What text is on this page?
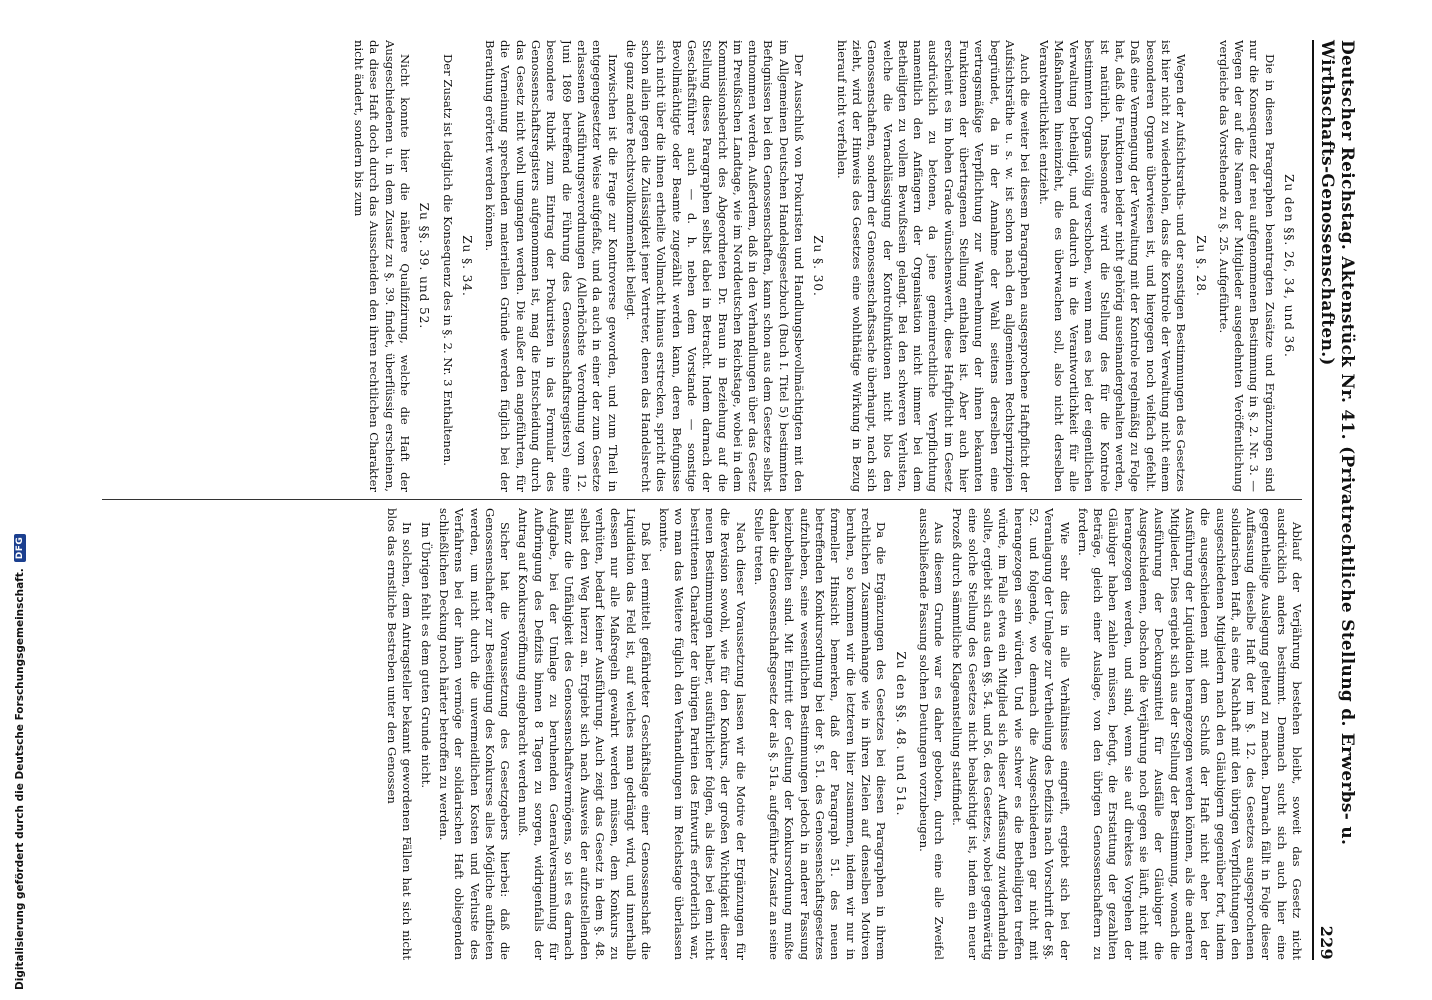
Deutscher Reichstag. Aktenstück Nr. 41. (Privatrechtliche Stellung d. Erwerbs- u. Wirthschafts-Genossenschaften.)
229
Zu den §§. 26, 34, und 36.

Die in diesen Paragraphen beantragten Zusätze und Ergänzungen sind nur die Konsequenz der neu aufgenommenen Bestimmung in §. 2. Nr. 3. — Wegen der auf die Namen der Mitglieder ausgedehnten Veröffentlichung vergleiche das Vorstehende zu §. 25. Aufgeführte.

Zu §. 28.

Wegen der Aufsichtsraths- und der sonstigen Bestimmungen des Gesetzes ist hier nicht zu wiederholen, dass die Kontrole der Verwaltung nicht einem besonderen Organe überwiesen ist, und hiergegen noch vielfach gefehlt. Daß eine Vermengung der Verwaltung mit der Kontrole regelmäßig zu Folge hat, daß die Funktionen beider nicht gehörig auseinandergehalten werden, ist natürlich. Insbesondere wird die Stellung des für die Kontrole bestimmten Organs völlig verschoben, wenn man es bei der eigentlichen Verwaltung betheiligt, und dadurch in die Verantwortlichkeit für alle Maßnahmen hineinzieht, die es überwachen soll, also nicht derselben Verantwortlichkeit entzieht.

Auch die weiter bei diesem Paragraphen ausgesprochene Haftpflicht der Aufsichtsräthe u. s. w. ist schon nach den allgemeinen Rechtsprinzipien begründet, da in der Annahme der Wahl seitens derselben eine vertragsmäßige Verpflichtung zur Wahrnehmung der ihnen bekannten Funktionen der übertragenen Stellung enthalten ist. Aber auch hier erscheint es im hohen Grade wünschenswerth, diese Haftpflicht im Gesetz ausdrücklich zu betonen, da jene gemeinrechtliche Verpflichtung namentlich den Anfängern der Organisation nicht immer bei dem Betheiligten zu vollem Bewußtsein gelangt. Bei den schweren Verlusten, welche die Vernachlässigung der Kontrolfunktionen nicht blos den Genossenschaften, sondern der Genossenschaftssache überhaupt, nach sich zieht, wird der Hinweis des Gesetzes eine wohlthätige Wirkung in Bezug hierauf nicht verfehlen.

Zu §. 30.

Der Ausschluß von Prokuristen und Handlungsbevollmächtigten mit den im Allgemeinen Deutschen Handelsgesetzbuch (Buch I. Titel 5) bestimmten Befugnissen bei den Genossenschaften, kann schon aus dem Gesetze selbst entnommen werden. Außerdem, daß in den Verhandlungen über das Gesetz im Preußischen Landtage, wie im Norddeutschen Reichstage, wobei in dem Kommissionsbericht des Abgeordneten Dr. Braun in Beziehung auf die Stellung dieses Paragraphen selbst dabei in Betracht. Indem darnach der Geschäftsführer auch — d. h. neben dem Vorstande — sonstige Bevollmächtigte oder Beamte zugezählt werden kann, deren Befugnisse sich nicht über die ihnen ertheilte Vollmacht hinaus erstrecken, spricht dies schon allein gegen die Zulässigkeit jener Vertreter, denen das Handelsrecht die ganz andere Rechtsvollkommenheit beilegt.

Inzwischen ist die Frage zur Kontroverse geworden, und zum Theil in entgegengesetzter Weise aufgefaßt, und da auch in einer der zum Gesetze erlassenen Ausführungsverordnungen (Allerhöchste Verordnung vom 12. Juni 1869 betreffend die Führung des Genossenschaftsregisters) eine besondere Rubrik zum Eintrag der Prokuristen in das Formular des Genossenschaftsregisters aufgenommen ist, mag die Entscheidung durch das Gesetz nicht wohl umgangen werden. Die außer den angeführten, für die Verneinung sprechenden materiellen Gründe werden füglich bei der Berathung erörtert werden können.

Zu §. 34.

Der Zusatz ist lediglich die Konsequenz des in §. 2. Nr. 3 Enthaltenen.

Zu §§. 39. und 52.

Nicht konnte hier die nähere Qualifizirung, welche die Haft der Ausgeschiedenen u. in dem Zusatz zu §. 39. findet, überflüssig erscheinen, da diese Haft doch durch das Ausscheiden den ihren rechtlichen Charakter nicht ändert, sondern bis zum

Ablauf der Verjährung bestehen bleibt, soweit das Gesetz nicht ausdrücklich anders bestimmt. Demnach sucht sich auch hier eine gegentheilige Auslegung geltend zu machen. Darnach fällt in Folge dieser Auffassung dieselbe Haft der im §. 12. des Gesetzes ausgesprochenen solidarischen Haft, als eine Nachhaft mit den übrigen Verpflichtungen den ausgeschiedenen Mitgliedern nach den Gläubigern gegenüber fort, indem die ausgeschiedenen mit dem Schluß der Haft nicht eher bei der Ausführung der Liquidation herangezogen werden können, als die anderen Mitglieder. Dies ergiebt sich aus der Stellung der Bestimmung, wonach die Ausführung der Deckungsmittel für Ausfälle der Gläubiger die Ausgeschiedenen, obschon die Verjährung noch gegen sie läuft, nicht mit herangezogen werden, und sind, wenn sie auf direktes Vorgehen der Gläubiger haben zahlen müssen, befugt, die Erstattung der gezahlten Beträge, gleich einer Auslage, von den übrigen Genossenschaftern zu fordern.

Wie sehr dies in alle Verhältnisse eingreift, ergiebt sich bei der Veranlagung der Umlage zur Vertheilung des Defizits nach Vorschrift der §§. 52. und folgende, wo demnach die Ausgeschiedenen gar nicht mit herangezogen sein würden. Und wie schwer es die Betheiligten treffen würde, im Falle etwa ein Mitglied sich dieser Auffassung zuwiderhandeln sollte, ergiebt sich aus den §§. 54. und 56. des Gesetzes, wobei gegenwärtig eine solche Stellung des Gesetzes nicht beabsichtigt ist, indem ein neuer Prozeß durch sämmtliche Klageanstellung stattfindet.

Aus diesem Grunde war es daher geboten, durch eine alle Zweifel ausschließende Fassung solchen Deutungen vorzubeugen.

Zu den §§. 48. und 51a.

Da die Ergänzungen des Gesetzes bei diesen Paragraphen in ihrem rechtlichen Zusammenhange wie in ihren Zielen auf denselben Motiven beruhen, so kommen wir die letzteren hier zusammen, indem wir nur in formeller Hinsicht bemerken, daß der Paragraph 51. des neuen betreffenden Konkursordnung bei der §. 51. des Genossenschaftsgesetzes aufzuheben, seine wesentlichen Bestimmungen jedoch in anderer Fassung beizubehalten sind. Mit Eintritt der Geltung der Konkursordnung mußte daher die Genossenschaftsgesetz der als §. 51a. aufgeführte Zusatz an seine Stelle treten.

Nach dieser Voraussetzung lassen wir die Motive der Ergänzungen für die Revision sowohl, wie für den Konkurs, der großen Wichtigkeit dieser neuen Bestimmungen halber, ausführlicher folgen, als dies bei dem nicht bestrittenen Charakter der übrigen Partien des Entwurfs erforderlich war, wo man das Weitere füglich den Verhandlungen im Reichstage überlassen konnte.

Daß bei ermittelt gefährdeter Geschäftslage einer Genossenschaft die Liquidation das Feld ist, auf welches man gedrängt wird, und innerhalb dessen nur alle Maßregeln gewahrt werden müssen, dem Konkurs zu verhüten, bedarf keiner Ausführung. Auch zeigt das Gesetz in dem §. 48. selbst den Weg hierzu an. Ergiebt sich nach Ausweis der aufzustellenden Bilanz die Unfähigkeit des Genossenschaftsvermögens, so ist es darnach Aufgabe, bei der Umlage zu beruhenden Generalversammlung für Aufbringung des Defizits binnen 8 Tagen zu sorgen, widrigenfalls der Antrag auf Konkurseröffnung eingebracht werden muß.

Sicher hat die Voraussetzung des Gesetzgebers hierbei: daß die Genossenschafter zur Beseitigung des Konkurses alles Mögliche aufbieten werden, um nicht durch die unvermeidlichen Kosten und Verluste des Verfahrens bei der ihnen vermöge der solidarischen Haft obliegenden schließlichen Deckung noch härter betroffen zu werden.

Im Übrigen fehlt es dem guten Grunde nicht.

In solchen, dem Antragsteller bekannt gewordenen Fällen hat sich nicht blos das ernstliche Bestreben unter den Genossen

Digitalisierung gefördert durch die Deutsche Forschungsgemeinschaft.
DFG
